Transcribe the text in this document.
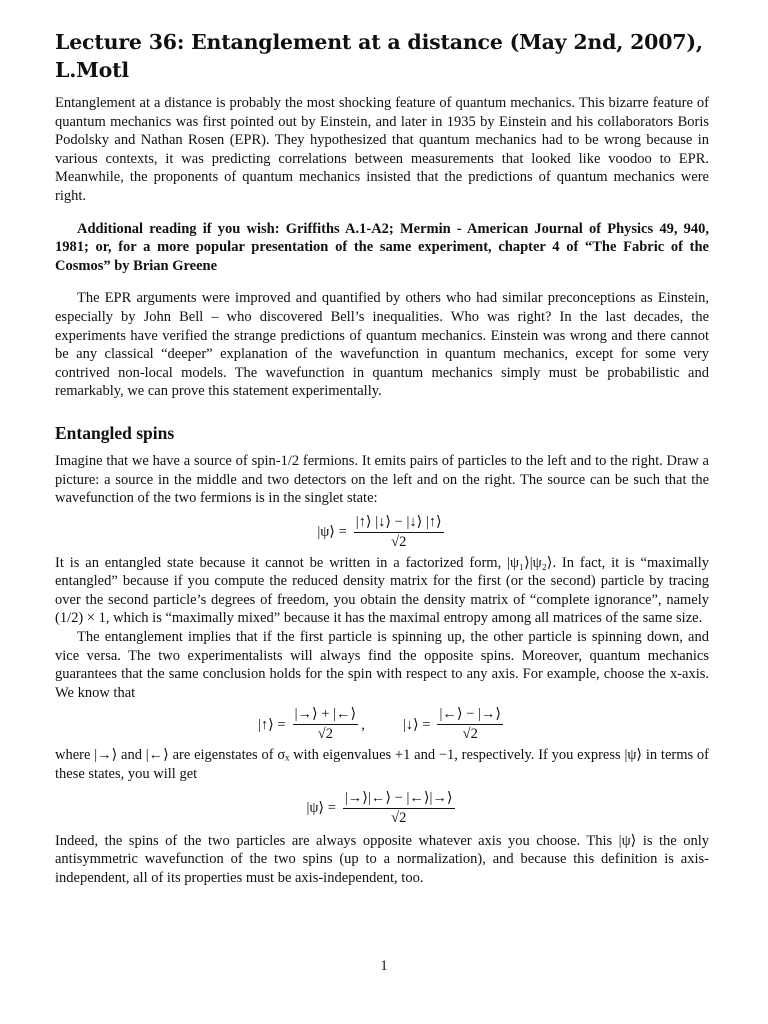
Lecture 36: Entanglement at a distance (May 2nd, 2007), L.Motl

Entanglement at a distance is probably the most shocking feature of quantum mechanics. This bizarre feature of quantum mechanics was first pointed out by Einstein, and later in 1935 by Einstein and his collaborators Boris Podolsky and Nathan Rosen (EPR). They hypothesized that quantum mechanics had to be wrong because in various contexts, it was predicting correlations between measurements that looked like voodoo to EPR. Meanwhile, the proponents of quantum mechanics insisted that the predictions of quantum mechanics were right.

Additional reading if you wish: Griffiths A.1-A2; Mermin - American Journal of Physics 49, 940, 1981; or, for a more popular presentation of the same experiment, chapter 4 of “The Fabric of the Cosmos” by Brian Greene

The EPR arguments were improved and quantified by others who had similar preconceptions as Einstein, especially by John Bell – who discovered Bell’s inequalities. Who was right? In the last decades, the experiments have verified the strange predictions of quantum mechanics. Einstein was wrong and there cannot be any classical “deeper” explanation of the wavefunction in quantum mechanics, except for some very contrived non-local models. The wavefunction in quantum mechanics simply must be probabilistic and remarkably, we can prove this statement experimentally.

Entangled spins

Imagine that we have a source of spin-1/2 fermions. It emits pairs of particles to the left and to the right. Draw a picture: a source in the middle and two detectors on the left and on the right. The source can be such that the wavefunction of the two fermions is in the singlet state:

|ψ⟩ = $\frac{|↑⟩ |↓⟩ - |↓⟩ |↑⟩}{√2}$

It is an entangled state because it cannot be written in a factorized form, |ψ₁⟩|ψ₂⟩. In fact, it is “maximally entangled” because if you compute the reduced density matrix for the first (or the second) particle by tracing over the second particle’s degrees of freedom, you obtain the density matrix of “complete ignorance”, namely (1/2) × 1, which is “maximally mixed” because it has the maximal entropy among all matrices of the same size.

The entanglement implies that if the first particle is spinning up, the other particle is spinning down, and vice versa. The two experimentalists will always find the opposite spins. Moreover, quantum mechanics guarantees that the same conclusion holds for the spin with respect to any axis. For example, choose the x-axis. We know that

|↑⟩ = $\frac{|\to⟩ + |\leftarrow⟩}{√2}$ ,	|↓⟩ = $\frac{|\leftarrow⟩ - |\to⟩}{√2}$

where |→⟩ and |←⟩ are eigenstates of σₓ with eigenvalues +1 and −1, respectively. If you express |ψ⟩ in terms of these states, you will get

|ψ⟩ = $\frac{|\to⟩|\leftarrow⟩ - |\leftarrow⟩|\to⟩}{√2}$

Indeed, the spins of the two particles are always opposite whatever axis you choose. This |ψ⟩ is the only antisymmetric wavefunction of the two spins (up to a normalization), and because this definition is axis-independent, all of its properties must be axis-independent, too.

1
